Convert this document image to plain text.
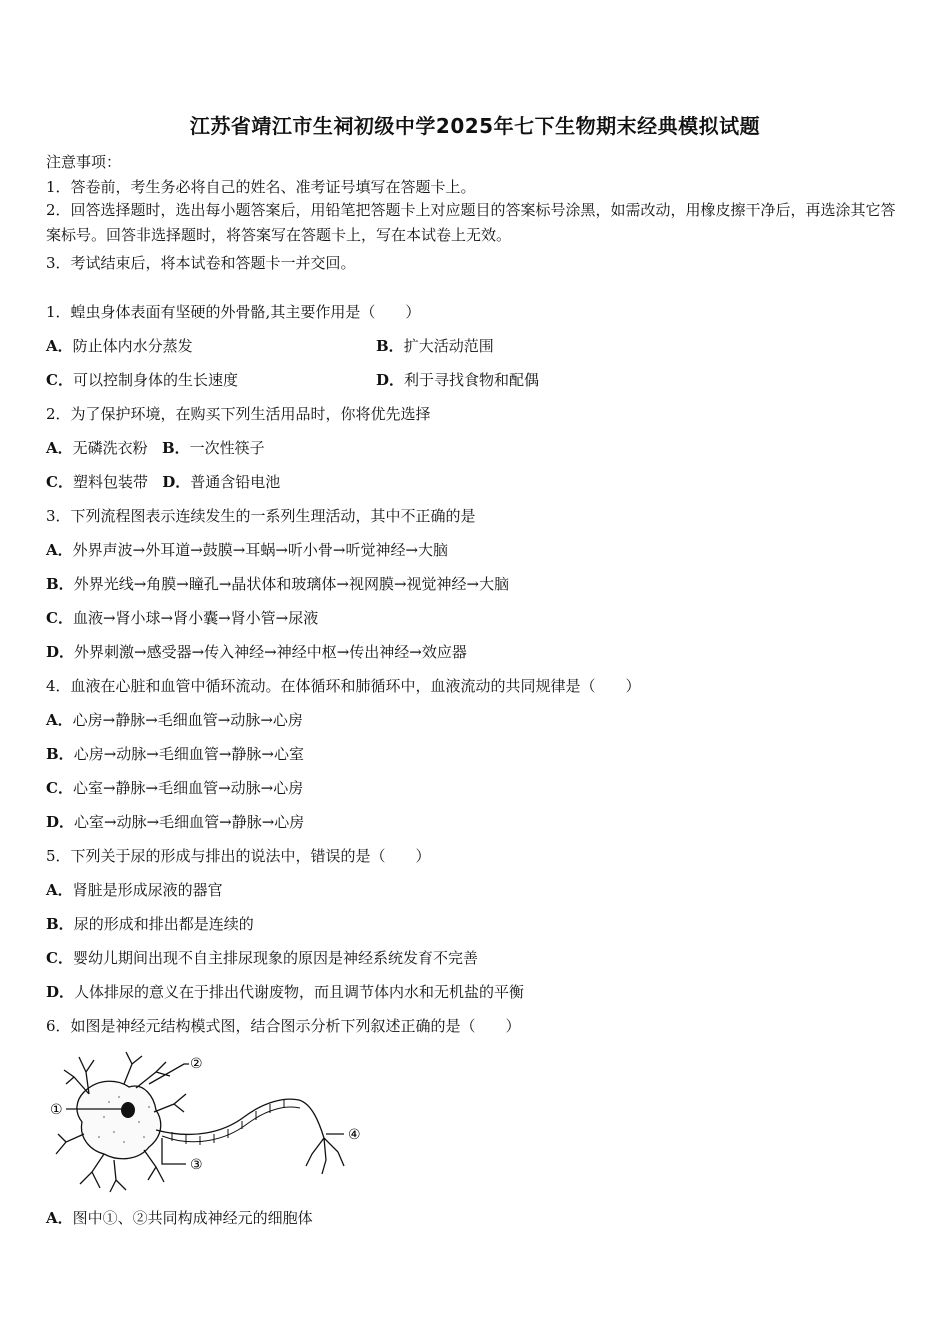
江苏省靖江市生祠初级中学2025年七下生物期末经典模拟试题
注意事项：
1．答卷前，考生务必将自己的姓名、准考证号填写在答题卡上。
2．回答选择题时，选出每小题答案后，用铅笔把答题卡上对应题目的答案标号涂黑，如需改动，用橡皮擦干净后，再选涂其它答案标号。回答非选择题时，将答案写在答题卡上，写在本试卷上无效。
3．考试结束后，将本试卷和答题卡一并交回。
1．蝗虫身体表面有坚硬的外骨骼,其主要作用是（　　）
A．防止体内水分蒸发	B．扩大活动范围
C．可以控制身体的生长速度	D．利于寻找食物和配偶
2．为了保护环境，在购买下列生活用品时，你将优先选择
A．无磷洗衣粉 B．一次性筷子
C．塑料包装带 D．普通含铅电池
3．下列流程图表示连续发生的一系列生理活动，其中不正确的是
A．外界声波→外耳道→鼓膜→耳蜗→听小骨→听觉神经→大脑
B．外界光线→角膜→瞳孔→晶状体和玻璃体→视网膜→视觉神经→大脑
C．血液→肾小球→肾小囊→肾小管→尿液
D．外界刺激→感受器→传入神经→神经中枢→传出神经→效应器
4．血液在心脏和血管中循环流动。在体循环和肺循环中，血液流动的共同规律是（　　）
A．心房→静脉→毛细血管→动脉→心房
B．心房→动脉→毛细血管→静脉→心室
C．心室→静脉→毛细血管→动脉→心房
D．心室→动脉→毛细血管→静脉→心房
5．下列关于尿的形成与排出的说法中，错误的是（　　）
A．肾脏是形成尿液的器官
B．尿的形成和排出都是连续的
C．婴幼儿期间出现不自主排尿现象的原因是神经系统发育不完善
D．人体排尿的意义在于排出代谢废物，而且调节体内水和无机盐的平衡
6．如图是神经元结构模式图，结合图示分析下列叙述正确的是（　　）
①
②
③
④
A．图中①、②共同构成神经元的细胞体
